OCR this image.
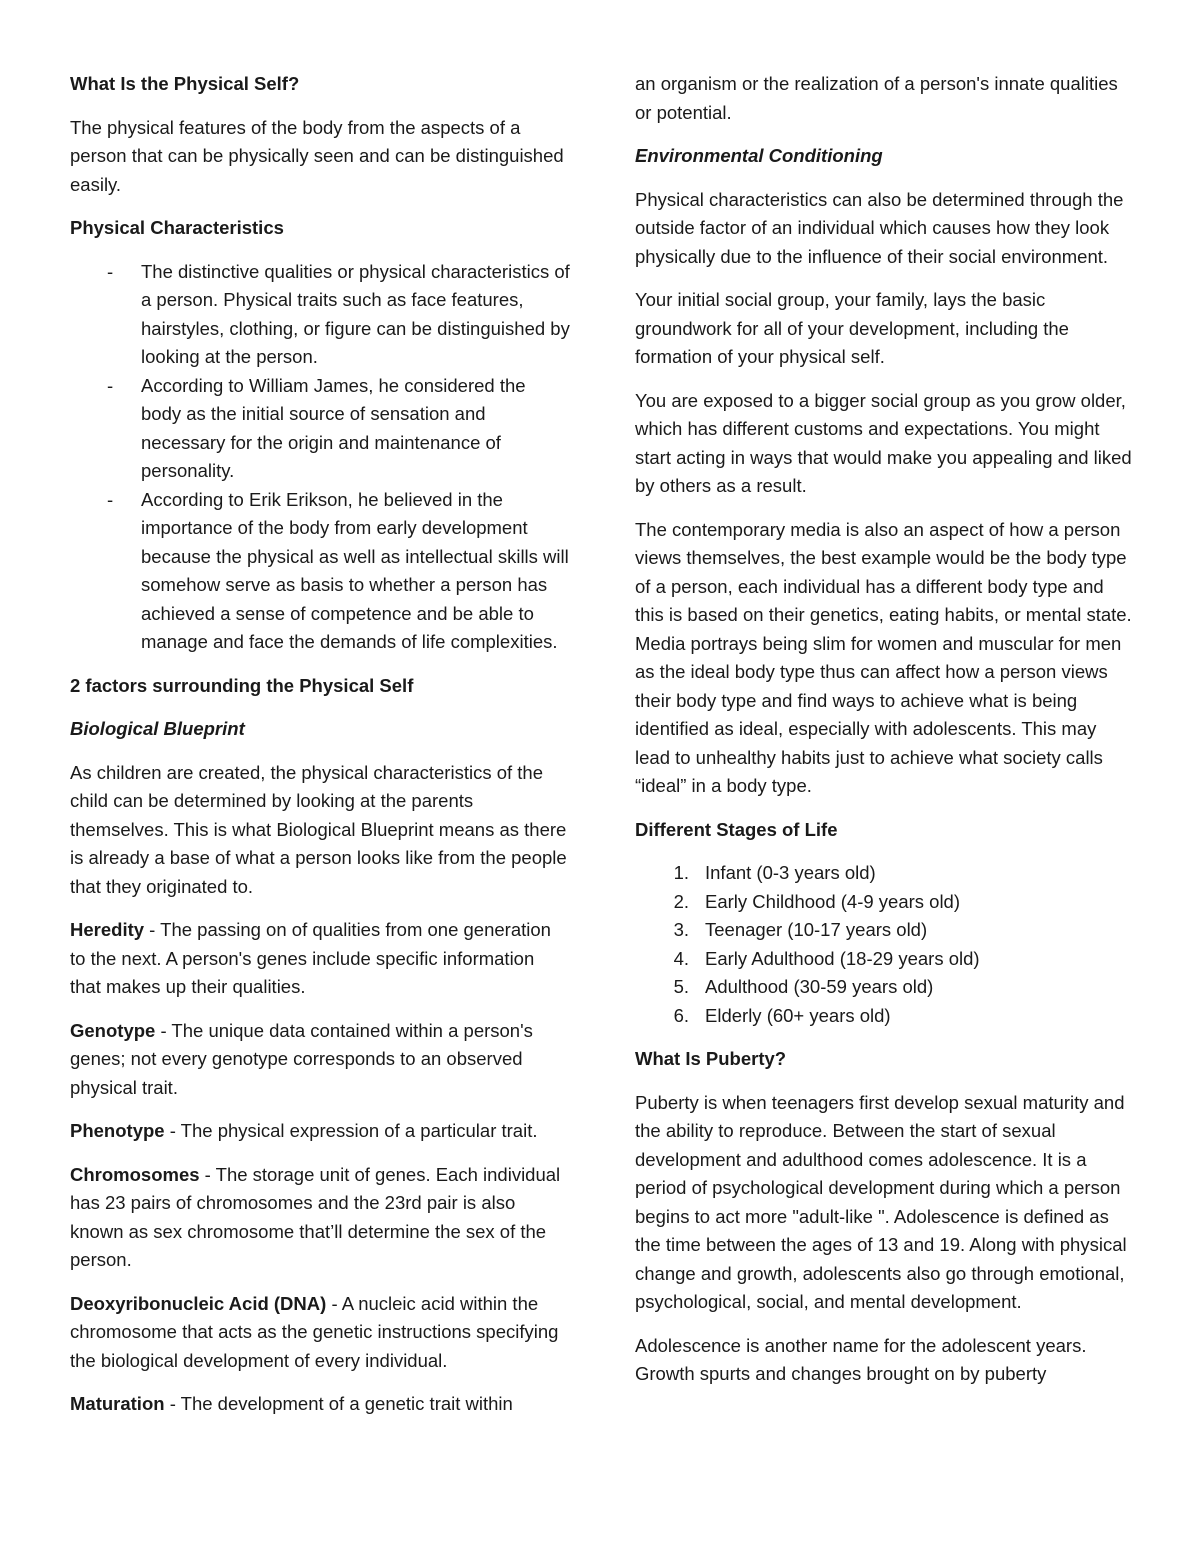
What Is the Physical Self?

The physical features of the body from the aspects of a person that can be physically seen and can be distinguished easily.

Physical Characteristics
- The distinctive qualities or physical characteristics of a person. Physical traits such as face features, hairstyles, clothing, or figure can be distinguished by looking at the person.
- According to William James, he considered the body as the initial source of sensation and necessary for the origin and maintenance of personality.
- According to Erik Erikson, he believed in the importance of the body from early development because the physical as well as intellectual skills will somehow serve as basis to whether a person has achieved a sense of competence and be able to manage and face the demands of life complexities.
2 factors surrounding the Physical Self
Biological Blueprint

As children are created, the physical characteristics of the child can be determined by looking at the parents themselves. This is what Biological Blueprint means as there is already a base of what a person looks like from the people that they originated to.

Heredity - The passing on of qualities from one generation to the next. A person's genes include specific information that makes up their qualities.

Genotype - The unique data contained within a person's genes; not every genotype corresponds to an observed physical trait.

Phenotype - The physical expression of a particular trait.

Chromosomes - The storage unit of genes. Each individual has 23 pairs of chromosomes and the 23rd pair is also known as sex chromosome that’ll determine the sex of the person.

Deoxyribonucleic Acid (DNA) - A nucleic acid within the chromosome that acts as the genetic instructions specifying the biological development of every individual.

Maturation - The development of a genetic trait within

an organism or the realization of a person's innate qualities or potential.

Environmental Conditioning

Physical characteristics can also be determined through the outside factor of an individual which causes how they look physically due to the influence of their social environment.

Your initial social group, your family, lays the basic groundwork for all of your development, including the formation of your physical self.

You are exposed to a bigger social group as you grow older, which has different customs and expectations. You might start acting in ways that would make you appealing and liked by others as a result.

The contemporary media is also an aspect of how a person views themselves, the best example would be the body type of a person, each individual has a different body type and this is based on their genetics, eating habits, or mental state. Media portrays being slim for women and muscular for men as the ideal body type thus can affect how a person views their body type and find ways to achieve what is being identified as ideal, especially with adolescents. This may lead to unhealthy habits just to achieve what society calls “ideal” in a body type.

Different Stages of Life
1. Infant (0-3 years old)
2. Early Childhood (4-9 years old)
3. Teenager (10-17 years old)
4. Early Adulthood (18-29 years old)
5. Adulthood (30-59 years old)
6. Elderly (60+ years old)
What Is Puberty?

Puberty is when teenagers first develop sexual maturity and the ability to reproduce. Between the start of sexual development and adulthood comes adolescence. It is a period of psychological development during which a person begins to act more "adult-like ". Adolescence is defined as the time between the ages of 13 and 19. Along with physical change and growth, adolescents also go through emotional, psychological, social, and mental development.

Adolescence is another name for the adolescent years. Growth spurts and changes brought on by puberty
